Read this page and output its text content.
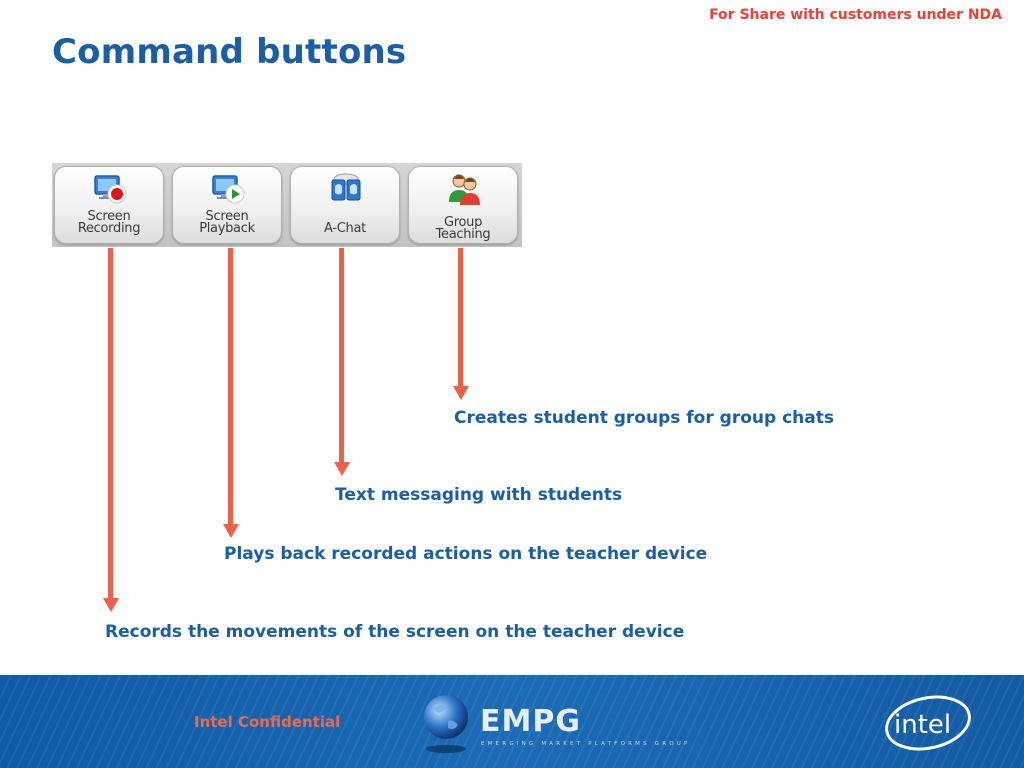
For Share with customers under NDA
Command buttons
Screen
Recording
Screen
Playback	A-Chat	Group
Teaching
Creates student groups for group chats
Text messaging with students
Plays back recorded actions on the teacher device
Records the movements of the screen on the teacher device
Intel Confidential	EMPG
EMERGING MARKET PLATFORMS GROUP
intel
